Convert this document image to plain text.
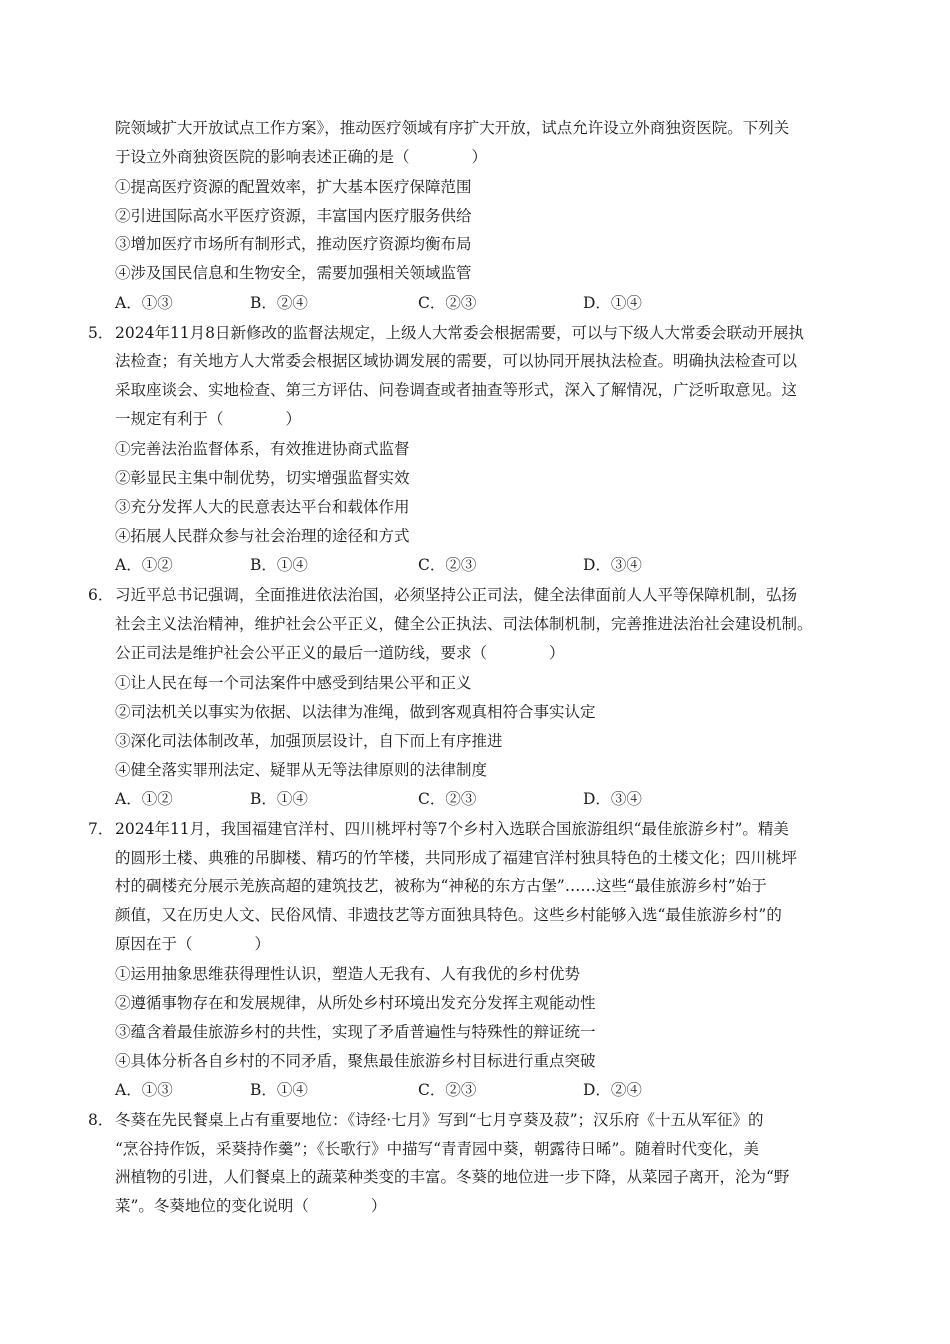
院领域扩大开放试点工作方案》，推动医疗领域有序扩大开放，试点允许设立外商独资医院。下列关
于设立外商独资医院的影响表述正确的是（　　　　）
①提高医疗资源的配置效率，扩大基本医疗保障范围
②引进国际高水平医疗资源，丰富国内医疗服务供给
③增加医疗市场所有制形式，推动医疗资源均衡布局
④涉及国民信息和生物安全，需要加强相关领域监管
A．①③	B．②④	C．②③	D．①④
5． 2024年11月8日新修改的监督法规定，上级人大常委会根据需要，可以与下级人大常委会联动开展执
法检查；有关地方人大常委会根据区域协调发展的需要，可以协同开展执法检查。明确执法检查可以
采取座谈会、实地检查、第三方评估、问卷调查或者抽查等形式，深入了解情况，广泛听取意见。这
一规定有利于（　　　　）
①完善法治监督体系，有效推进协商式监督
②彰显民主集中制优势，切实增强监督实效
③充分发挥人大的民意表达平台和载体作用
④拓展人民群众参与社会治理的途径和方式
A．①②	B．①④	C．②③	D．③④
6． 习近平总书记强调，全面推进依法治国，必须坚持公正司法，健全法律面前人人平等保障机制，弘扬
社会主义法治精神，维护社会公平正义，健全公正执法、司法体制机制，完善推进法治社会建设机制。
公正司法是维护社会公平正义的最后一道防线，要求（　　　　）
①让人民在每一个司法案件中感受到结果公平和正义
②司法机关以事实为依据、以法律为准绳，做到客观真相符合事实认定
③深化司法体制改革，加强顶层设计，自下而上有序推进
④健全落实罪刑法定、疑罪从无等法律原则的法律制度
A．①②	B．①④	C．②③	D．③④
7． 2024年11月，我国福建官洋村、四川桃坪村等7个乡村入选联合国旅游组织“最佳旅游乡村”。精美
的圆形土楼、典雅的吊脚楼、精巧的竹竿楼，共同形成了福建官洋村独具特色的土楼文化；四川桃坪
村的碉楼充分展示羌族高超的建筑技艺，被称为“神秘的东方古堡”……这些“最佳旅游乡村”始于
颜值，又在历史人文、民俗风情、非遗技艺等方面独具特色。这些乡村能够入选“最佳旅游乡村”的
原因在于（　　　　）
①运用抽象思维获得理性认识，塑造人无我有、人有我优的乡村优势
②遵循事物存在和发展规律，从所处乡村环境出发充分发挥主观能动性
③蕴含着最佳旅游乡村的共性，实现了矛盾普遍性与特殊性的辩证统一
④具体分析各自乡村的不同矛盾，聚焦最佳旅游乡村目标进行重点突破
A．①③	B．①④	C．②③	D．②④
8． 冬葵在先民餐桌上占有重要地位：《诗经·七月》写到“七月亨葵及菽”；汉乐府《十五从军征》的
“烹谷持作饭，采葵持作羹”；《长歌行》中描写“青青园中葵，朝露待日晞”。随着时代变化，美
洲植物的引进，人们餐桌上的蔬菜种类变的丰富。冬葵的地位进一步下降，从菜园子离开，沦为“野
菜”。冬葵地位的变化说明（　　　　）
